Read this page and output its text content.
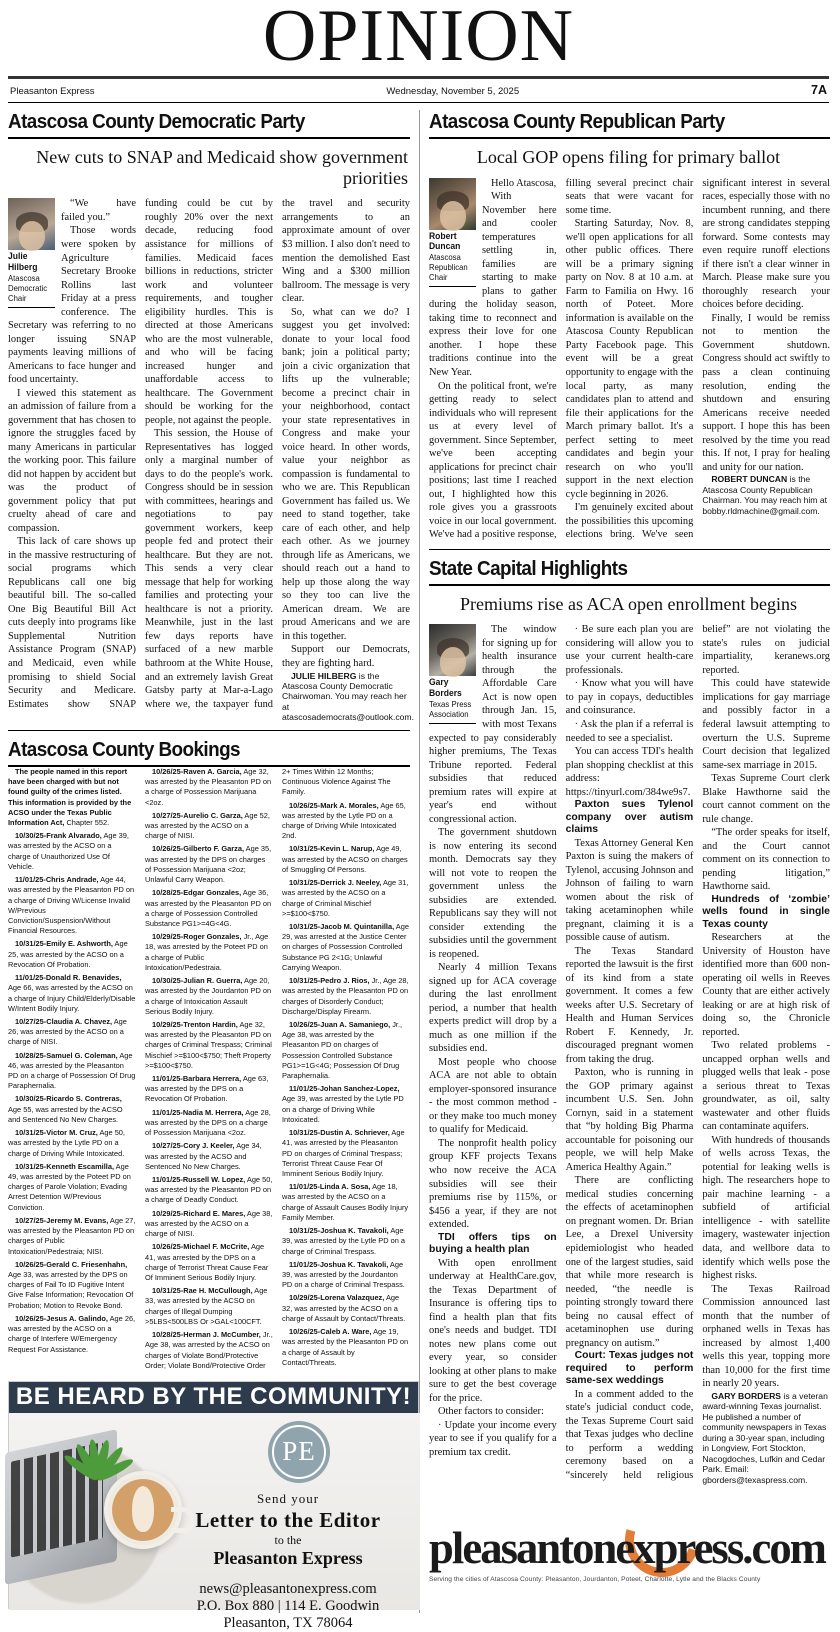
OPINION
Pleasanton Express	Wednesday, November 5, 2025	7A
Atascosa County Democratic Party
New cuts to SNAP and Medicaid show government priorities
Julie Hilberg
Atascosa Democratic Chair

“We have failed you.”

Those words were spoken by Agriculture Secretary Brooke Rollins last Friday at a press conference. The Secretary was referring to no longer issuing SNAP payments leaving millions of Americans to face hunger and food uncertainty.

I viewed this statement as an admission of failure from a government that has chosen to ignore the struggles faced by many Americans in particular the working poor. This failure did not happen by accident but was the product of government policy that put cruelty ahead of care and compassion.

This lack of care shows up in the massive restructuring of social programs which Republicans call one big beautiful bill. The so-called One Big Beautiful Bill Act cuts deeply into programs like Supplemental Nutrition Assistance Program (SNAP) and Medicaid, even while promising to shield Social Security and Medicare. Estimates show SNAP funding could be cut by roughly 20% over the next decade, reducing food assistance for millions of families. Medicaid faces billions in reductions, stricter work and volunteer requirements, and tougher eligibility hurdles. This is directed at those Americans who are the most vulnerable, and who will be facing increased hunger and unaffordable access to healthcare. The Government should be working for the people, not against the people.

This session, the House of Representatives has logged only a marginal number of days to do the people's work. Congress should be in session with committees, hearings and negotiations to pay government workers, keep people fed and protect their healthcare. But they are not. This sends a very clear message that help for working families and protecting your healthcare is not a priority. Meanwhile, just in the last few days reports have surfaced of a new marble bathroom at the White House, and an extremely lavish Great Gatsby party at Mar-a-Lago where we, the taxpayer fund the travel and security arrangements to an approximate amount of over $3 million. I also don't need to mention the demolished East Wing and a $300 million ballroom. The message is very clear.

So, what can we do? I suggest you get involved: donate to your local food bank; join a political party; join a civic organization that lifts up the vulnerable; become a precinct chair in your neighborhood, contact your state representatives in Congress and make your voice heard. In other words, value your neighbor as compassion is fundamental to who we are. This Republican Government has failed us. We need to stand together, take care of each other, and help each other. As we journey through life as Americans, we should reach out a hand to help up those along the way so they too can live the American dream. We are proud Americans and we are in this together.

Support our Democrats, they are fighting hard.

JULIE HILBERG is the Atascosa County Democratic Chairwoman. You may reach her at atascosademocrats@outlook.com.

Atascosa County Bookings

The people named in this report have been charged with but not found guilty of the crimes listed. This information is provided by the ACSO under the Texas Public Information Act, Chapter 552.

10/30/25-Frank Alvarado, Age 39, was arrested by the ACSO on a charge of Unauthorized Use Of Vehicle.

11/01/25-Chris Andrade, Age 44, was arrested by the Pleasanton PD on a charge of Driving W/License Invalid W/Previous Conviction/Suspension/Without Financial Resources.

10/31/25-Emily E. Ashworth, Age 25, was arrested by the ACSO on a Revocation Of Probation.

11/01/25-Donald R. Benavides, Age 66, was arrested by the ACSO on a charge of Injury Child/Elderly/Disable W/Intent Bodily Injury.

10/27/25-Claudia A. Chavez, Age 26, was arrested by the ACSO on a charge of NISI.

10/28/25-Samuel G. Coleman, Age 46, was arrested by the Pleasanton PD on a charge of Possession Of Drug Paraphernalia.

10/30/25-Ricardo S. Contreras, Age 55, was arrested by the ACSO and Sentenced No New Charges.

10/31/25-Victor M. Cruz, Age 50, was arrested by the Lytle PD on a charge of Driving While Intoxicated.

10/31/25-Kenneth Escamilla, Age 49, was arrested by the Poteet PD on charges of Parole Violation; Evading Arrest Detention W/Previous Conviction.

10/27/25-Jeremy M. Evans, Age 27, was arrested by the Pleasanton PD on charges of Public Intoxication/Pedestraia; NISI.

10/26/25-Gerald C. Friesenhahn, Age 33, was arrested by the DPS on charges of Fail To ID Fugitive Intent Give False Information; Revocation Of Probation; Motion to Revoke Bond.

10/26/25-Jesus A. Galindo, Age 26, was arrested by the ACSO on a charge of Interfere W/Emergency Request For Assistance.

10/26/25-Raven A. Garcia, Age 32, was arrested by the Pleasanton PD on a charge of Possession Marijuana <2oz.

10/27/25-Aurelio C. Garza, Age 52, was arrested by the ACSO on a charge of NISI.

10/26/25-Gilberto F. Garza, Age 35, was arrested by the DPS on charges of Possession Marijuana <2oz; Unlawful Carry Weapon.

10/28/25-Edgar Gonzales, Age 36, was arrested by the Pleasanton PD on a charge of Possession Controlled Substance PG1>=4G<4G.

10/29/25-Roger Gonzales, Jr., Age 18, was arrested by the Poteet PD on a charge of Public Intoxication/Pedestraia.

10/30/25-Julian R. Guerra, Age 20, was arrested by the Jourdanton PD on a charge of Intoxication Assault Serious Bodily Injury.

10/29/25-Trenton Hardin, Age 32, was arrested by the Pleasanton PD on charges of Criminal Trespass; Criminal Mischief >=$100<$750; Theft Property >=$100<$750.

11/01/25-Barbara Herrera, Age 63, was arrested by the DPS on a Revocation Of Probation.

11/01/25-Nadia M. Herrera, Age 28, was arrested by the DPS on a charge of Possession Marijuana <2oz.

10/27/25-Cory J. Keeler, Age 34, was arrested by the ACSO and Sentenced No New Charges.

11/01/25-Russell W. Lopez, Age 50, was arrested by the Pleasanton PD on a charge of Deadly Conduct.

10/29/25-Richard E. Mares, Age 38, was arrested by the ACSO on a charge of NISI.

10/26/25-Michael F. McCrite, Age 41, was arrested by the DPS on a charge of Terrorist Threat Cause Fear Of Imminent Serious Bodily Injury.

10/31/25-Rae H. McCullough, Age 33, was arrested by the ACSO on charges of Illegal Dumping >5LBS<500LBS Or >GAL<100CFT.

10/28/25-Herman J. McCumber, Jr., Age 38, was arrested by the ACSO on charges of Violate Bond/Protective Order; Violate Bond/Protective Order 2+ Times Within 12 Months; Continuous Violence Against The Family.

10/26/25-Mark A. Morales, Age 65, was arrested by the Lytle PD on a charge of Driving While Intoxicated 2nd.

10/31/25-Kevin L. Narup, Age 49, was arrested by the ACSO on charges of Smuggling Of Persons.

10/31/25-Derrick J. Neeley, Age 31, was arrested by the ACSO on a charge of Criminal Mischief >=$100<$750.

10/31/25-Jacob M. Quintanilla, Age 29, was arrested at the Justice Center on charges of Possession Controlled Substance PG 2<1G; Unlawful Carrying Weapon.

10/31/25-Pedro J. Rios, Jr., Age 28, was arrested by the Pleasanton PD on charges of Disorderly Conduct; Discharge/Display Firearm.

10/26/25-Juan A. Samaniego, Jr., Age 38, was arrested by the Pleasanton PD on charges of Possession Controlled Substance PG1>=1G<4G; Possession Of Drug Paraphernalia.

11/01/25-Johan Sanchez-Lopez, Age 39, was arrested by the Lytle PD on a charge of Driving While Intoxicated.

10/31/25-Dustin A. Schriever, Age 41, was arrested by the Pleasanton PD on charges of Criminal Trespass; Terrorist Threat Cause Fear Of Imminent Serious Bodily Injury.

11/01/25-Linda A. Sosa, Age 18, was arrested by the ACSO on a charge of Assault Causes Bodily Injury Family Member.

10/31/25-Joshua K. Tavakoli, Age 39, was arrested by the Lytle PD on a charge of Criminal Trespass.

11/01/25-Joshua K. Tavakoli, Age 39, was arrested by the Jourdanton PD on a charge of Criminal Trespass.

10/29/25-Lorena Valazquez, Age 32, was arrested by the ACSO on a charge of Assault by Contact/Threats.

10/26/25-Caleb A. Ware, Age 19, was arrested by the Pleasanton PD on a charge of Assault by Contact/Threats.

BE HEARD BY THE COMMUNITY!
PE
Send your
Letter to the Editor
to the
Pleasanton Express
news@pleasantonexpress.com
P.O. Box 880 | 114 E. Goodwin
Pleasanton, TX 78064
Atascosa County Republican Party
Local GOP opens filing for primary ballot
Robert Duncan
Atascosa Republican Chair

Hello Atascosa,

With November here and cooler temperatures settling in, families are starting to make plans to gather during the holiday season, taking time to reconnect and express their love for one another. I hope these traditions continue into the New Year.

On the political front, we're getting ready to select individuals who will represent us at every level of government. Since September, we've been accepting applications for precinct chair positions; last time I reached out, I highlighted how this role gives you a grassroots voice in our local government. We've had a positive response, filling several precinct chair seats that were vacant for some time.

Starting Saturday, Nov. 8, we'll open applications for all other public offices. There will be a primary signing party on Nov. 8 at 10 a.m. at Farm to Familia on Hwy. 16 north of Poteet. More information is available on the Atascosa County Republican Party Facebook page. This event will be a great opportunity to engage with the local party, as many candidates plan to attend and file their applications for the March primary ballot. It's a perfect setting to meet candidates and begin your research on who you'll support in the next election cycle beginning in 2026.

I'm genuinely excited about the possibilities this upcoming elections bring. We've seen significant interest in several races, especially those with no incumbent running, and there are strong candidates stepping forward. Some contests may even require runoff elections if there isn't a clear winner in March. Please make sure you thoroughly research your choices before deciding.

Finally, I would be remiss not to mention the Government shutdown. Congress should act swiftly to pass a clean continuing resolution, ending the shutdown and ensuring Americans receive needed support. I hope this has been resolved by the time you read this. If not, I pray for healing and unity for our nation.

ROBERT DUNCAN is the Atascosa County Republican Chairman. You may reach him at bobby.rldmachine@gmail.com.

State Capital Highlights
Premiums rise as ACA open enrollment begins
Gary Borders
Texas Press Association

The window for signing up for health insurance through the Affordable Care Act is now open through Jan. 15, with most Texans expected to pay considerably higher premiums, The Texas Tribune reported. Federal subsidies that reduced premium rates will expire at year's end without congressional action.

The government shutdown is now entering its second month. Democrats say they will not vote to reopen the government unless the subsidies are extended. Republicans say they will not consider extending the subsidies until the government is reopened.

Nearly 4 million Texans signed up for ACA coverage during the last enrollment period, a number that health experts predict will drop by a much as one million if the subsidies end.

Most people who choose ACA are not able to obtain employer-sponsored insurance - the most common method - or they make too much money to qualify for Medicaid.

The nonprofit health policy group KFF projects Texans who now receive the ACA subsidies will see their premiums rise by 115%, or $456 a year, if they are not extended.

TDI offers tips on buying a health plan

With open enrollment underway at HealthCare.gov, the Texas Department of Insurance is offering tips to find a health plan that fits one's needs and budget. TDI notes new plans come out every year, so consider looking at other plans to make sure to get the best coverage for the price.

Other factors to consider:

· Update your income every year to see if you qualify for a premium tax credit.

· Be sure each plan you are considering will allow you to use your current health-care professionals.

· Know what you will have to pay in copays, deductibles and coinsurance.

· Ask the plan if a referral is needed to see a specialist.

You can access TDI's health plan shopping checklist at this address: https://tinyurl.com/384we9s7.

Paxton sues Tylenol company over autism claims

Texas Attorney General Ken Paxton is suing the makers of Tylenol, accusing Johnson and Johnson of failing to warn women about the risk of taking acetaminophen while pregnant, claiming it is a possible cause of autism.

The Texas Standard reported the lawsuit is the first of its kind from a state government. It comes a few weeks after U.S. Secretary of Health and Human Services Robert F. Kennedy, Jr. discouraged pregnant women from taking the drug.

Paxton, who is running in the GOP primary against incumbent U.S. Sen. John Cornyn, said in a statement that “by holding Big Pharma accountable for poisoning our people, we will help Make America Healthy Again.”

There are conflicting medical studies concerning the effects of acetaminophen on pregnant women. Dr. Brian Lee, a Drexel University epidemiologist who headed one of the largest studies, said that while more research is needed, “the needle is pointing strongly toward there being no causal effect of acetaminophen use during pregnancy on autism.”

Court: Texas judges not required to perform same-sex weddings

In a comment added to the state's judicial conduct code, the Texas Supreme Court said that Texas judges who decline to perform a wedding ceremony based on a “sincerely held religious belief” are not violating the state's rules on judicial impartiality, keranews.org reported.

This could have statewide implications for gay marriage and possibly factor in a federal lawsuit attempting to overturn the U.S. Supreme Court decision that legalized same-sex marriage in 2015.

Texas Supreme Court clerk Blake Hawthorne said the court cannot comment on the rule change.

“The order speaks for itself, and the Court cannot comment on its connection to pending litigation,” Hawthorne said.

Hundreds of ‘zombie’ wells found in single Texas county

Researchers at the University of Houston have identified more than 600 non-operating oil wells in Reeves County that are either actively leaking or are at high risk of doing so, the Chronicle reported.

Two related problems - uncapped orphan wells and plugged wells that leak - pose a serious threat to Texas groundwater, as oil, salty wastewater and other fluids can contaminate aquifers.

With hundreds of thousands of wells across Texas, the potential for leaking wells is high. The researchers hope to pair machine learning - a subfield of artificial intelligence - with satellite imagery, wastewater injection data, and wellbore data to identify which wells pose the highest risks.

The Texas Railroad Commission announced last month that the number of orphaned wells in Texas has increased by almost 1,400 wells this year, topping more than 10,000 for the first time in nearly 20 years.

GARY BORDERS is a veteran award-winning Texas journalist. He published a number of community newspapers in Texas during a 30-year span, including in Longview, Fort Stockton, Nacogdoches, Lufkin and Cedar Park. Email: gborders@texaspress.com.

pleasantonexpress.com
Serving the cities of Atascosa County: Pleasanton, Jourdanton, Poteet, Charlotte, Lytle and the Blacks County
